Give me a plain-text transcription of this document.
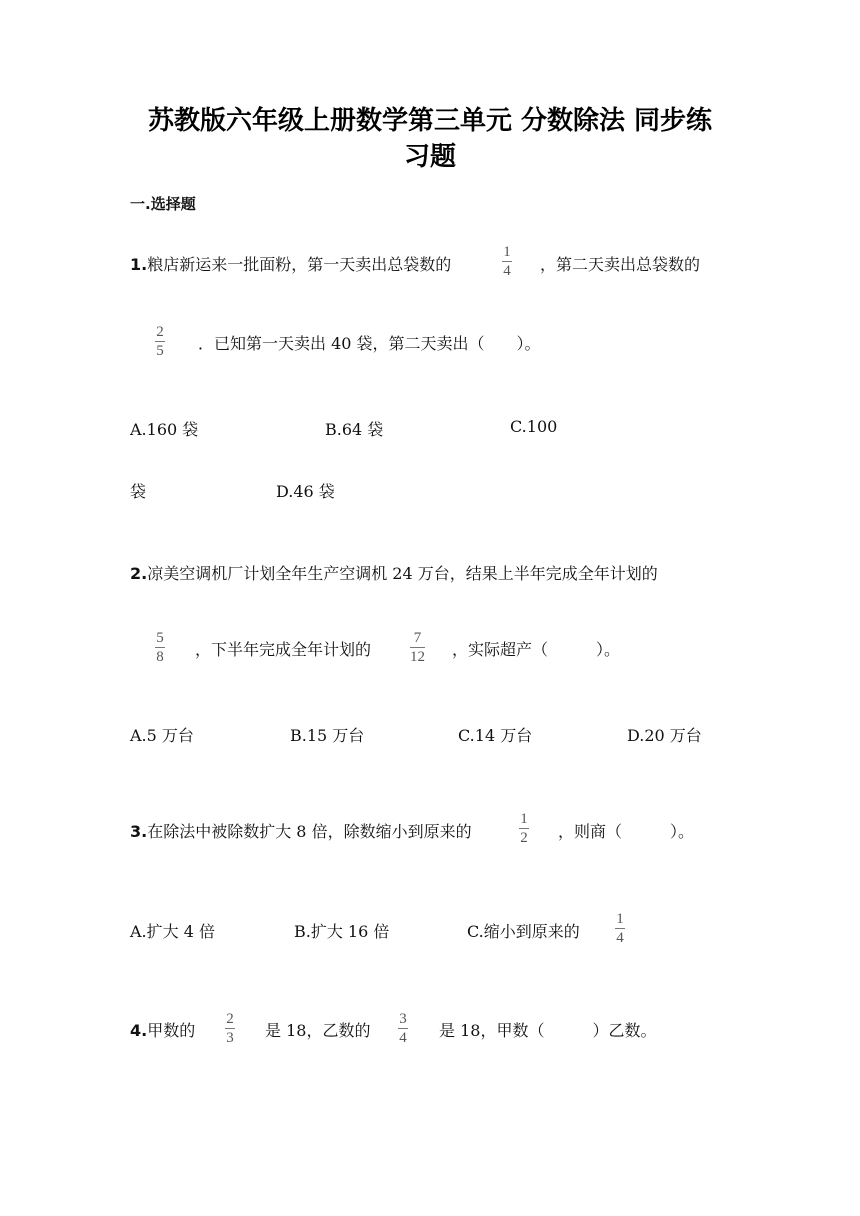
苏教版六年级上册数学第三单元 分数除法 同步练
习题
一.选择题
1.粮店新运来一批面粉，第一天卖出总袋数的
1
4 ，第二天卖出总袋数的
2
5 ．已知第一天卖出 40 袋，第二天卖出（　　）。
A.160 袋	B.64 袋	C.100
袋	D.46 袋
2.凉美空调机厂计划全年生产空调机 24 万台，结果上半年完成全年计划的
5
8 ，下半年完成全年计划的
7
12 ，实际超产（　　　）。
A.5 万台	B.15 万台	C.14 万台	D.20 万台
3.在除法中被除数扩大 8 倍，除数缩小到原来的
1
2 ，则商（　　　）。
A.扩大 4 倍	B.扩大 16 倍	C.缩小到原来的
1
4
4.甲数的
2
3 是 18，乙数的
3
4 是 18，甲数（　　　）乙数。
